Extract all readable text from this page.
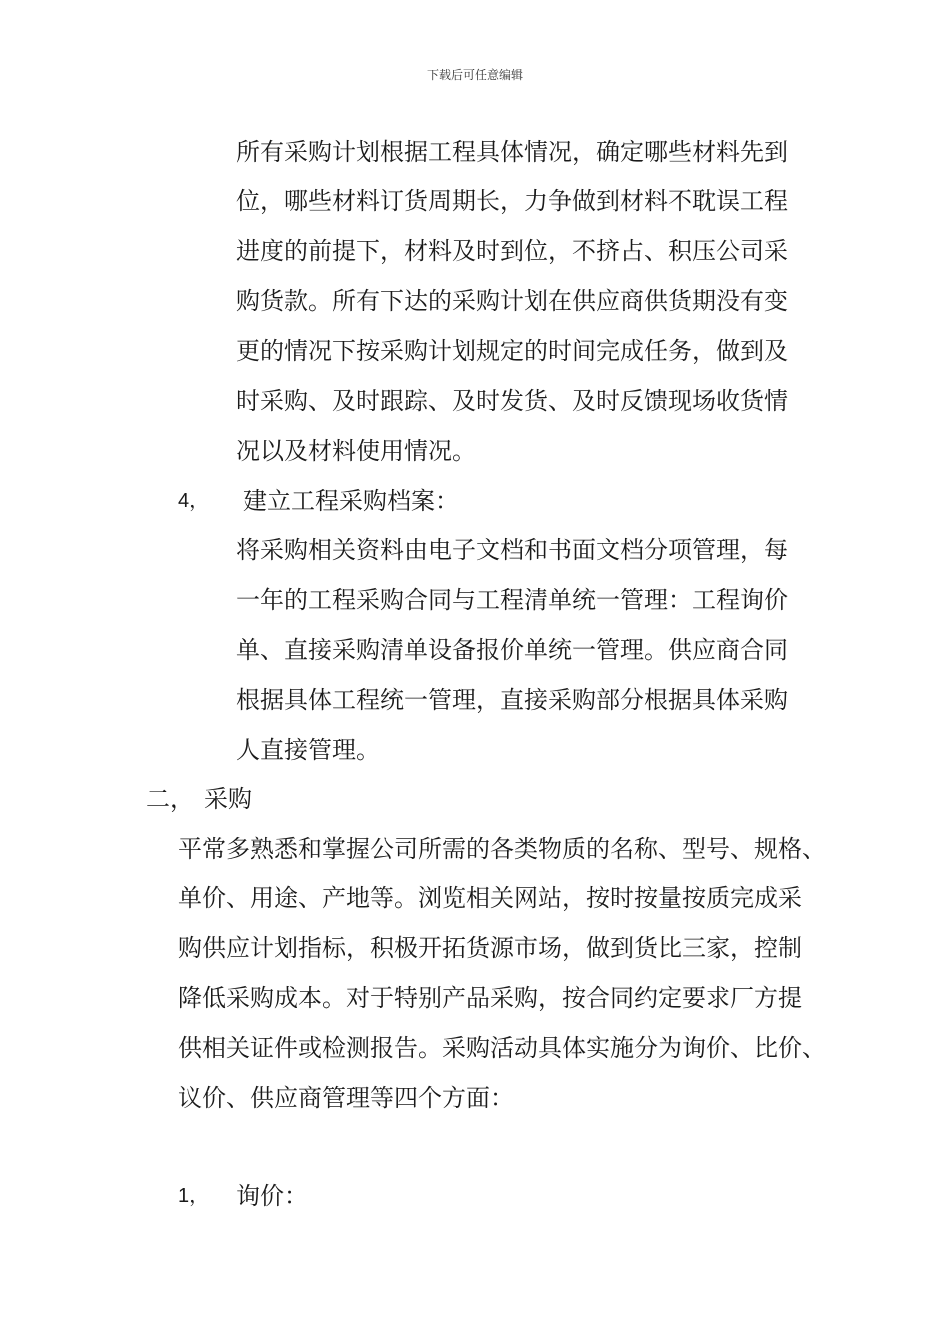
下载后可任意编辑
所有采购计划根据工程具体情况，确定哪些材料先到
位，哪些材料订货周期长，力争做到材料不耽误工程
进度的前提下，材料及时到位，不挤占、积压公司采
购货款。所有下达的采购计划在供应商供货期没有变
更的情况下按采购计划规定的时间完成任务，做到及
时采购、及时跟踪、及时发货、及时反馈现场收货情
况以及材料使用情况。
4， 建立工程采购档案：
将采购相关资料由电子文档和书面文档分项管理，每
一年的工程采购合同与工程清单统一管理：工程询价
单、直接采购清单设备报价单统一管理。供应商合同
根据具体工程统一管理，直接采购部分根据具体采购
人直接管理。
二， 采购
平常多熟悉和掌握公司所需的各类物质的名称、型号、规格、
单价、用途、产地等。浏览相关网站，按时按量按质完成采
购供应计划指标，积极开拓货源市场，做到货比三家，控制
降低采购成本。对于特别产品采购，按合同约定要求厂方提
供相关证件或检测报告。采购活动具体实施分为询价、比价、
议价、供应商管理等四个方面：
1， 询价：
